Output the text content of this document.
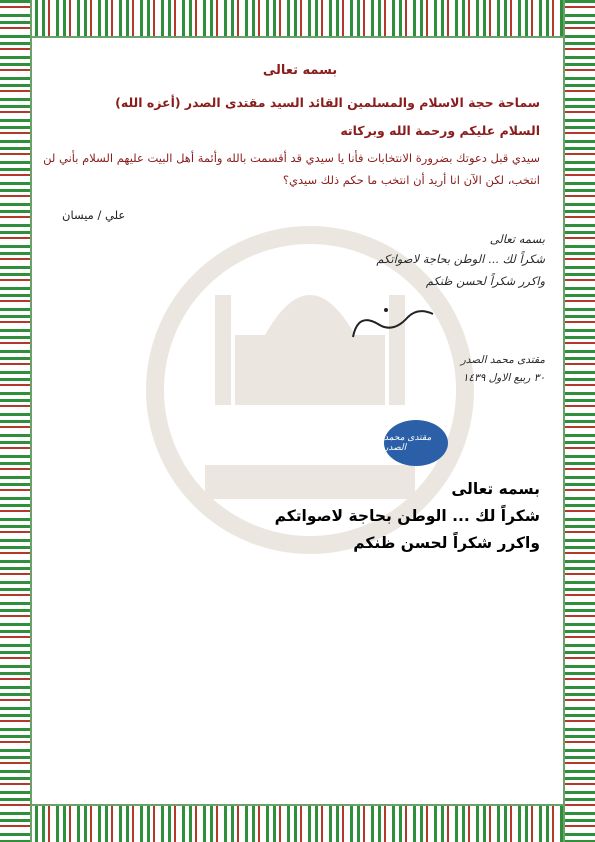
بسمه تعالى
سماحة حجة الاسلام والمسلمين القائد السيد مقتدى الصدر (أعزه الله)
السلام عليكم ورحمة الله وبركاته
سيدي قبل دعوتك بضرورة الانتخابات فأنا يا سيدي قد أقسمت بالله وأئمة أهل البيت عليهم السلام بأني لن
انتخب، لكن الآن انا أريد أن انتخب ما حكم ذلك سيدي؟
علي / ميسان
بسمه تعالى
شكراً لك ... الوطن بحاجة لاصواتكم
واكرر شكراً لحسن ظنكم
مقتدى محمد الصدر
٣٠ ربيع الاول ١٤٣٩
مقتدى محمد الصدر
بسمه تعالى
شكراً لك ... الوطن بحاجة لاصواتكم
واكرر شكراً لحسن ظنكم
